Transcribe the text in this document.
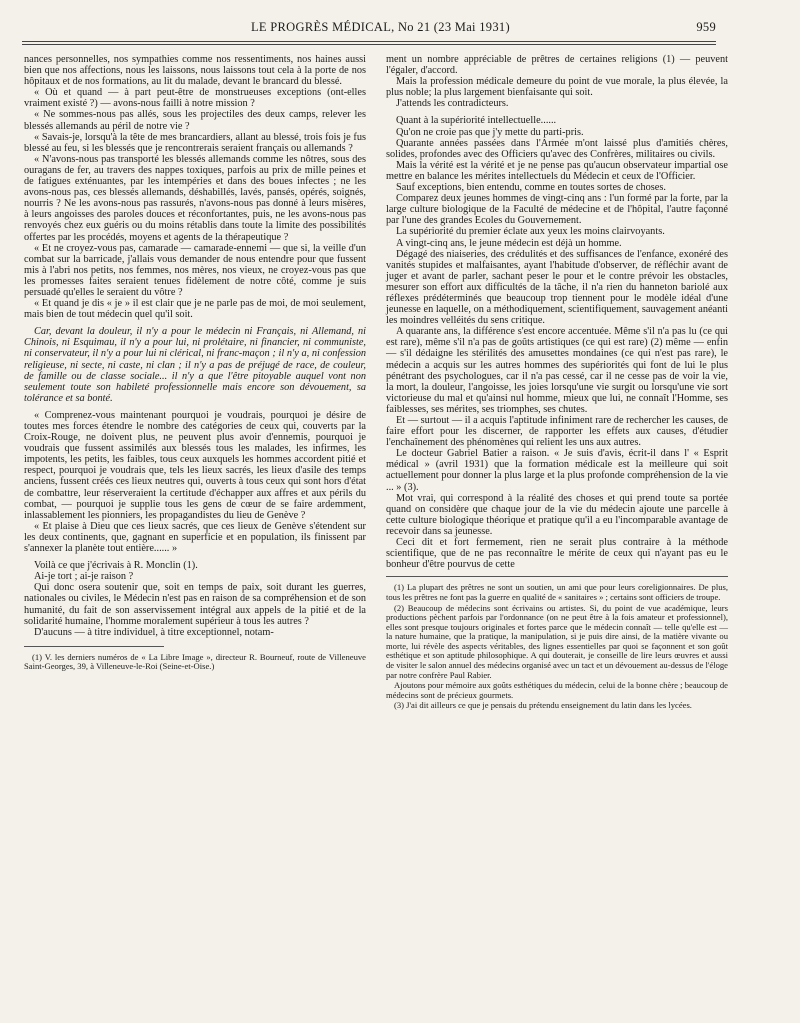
LE PROGRÈS MÉDICAL, No 21 (23 Mai 1931)	959

nances personnelles, nos sympathies comme nos ressentiments, nos haines aussi bien que nos affections, nous les laissons, nous laissons tout cela à la porte de nos hôpitaux et de nos formations, au lit du malade, devant le brancard du blessé.

« Où et quand — à part peut-être de monstrueuses exceptions (ont-elles vraiment existé ?) — avons-nous failli à notre mission ?

« Ne sommes-nous pas allés, sous les projectiles des deux camps, relever les blessés allemands au péril de notre vie ?

« Savais-je, lorsqu'à la tête de mes brancardiers, allant au blessé, trois fois je fus blessé au feu, si les blessés que je rencontrerais seraient français ou allemands ?

« N'avons-nous pas transporté les blessés allemands comme les nôtres, sous des ouragans de fer, au travers des nappes toxiques, parfois au prix de mille peines et de fatigues exténuantes, par les intempéries et dans des boues infectes ; ne les avons-nous pas, ces blessés allemands, déshabillés, lavés, pansés, opérés, soignés, nourris ? Ne les avons-nous pas rassurés, n'avons-nous pas donné à leurs misères, à leurs angoisses des paroles douces et réconfortantes, puis, ne les avons-nous pas renvoyés chez eux guéris ou du moins rétablis dans toute la limite des possibilités offertes par les procédés, moyens et agents de la thérapeutique ?

« Et ne croyez-vous pas, camarade — camarade-ennemi — que si, la veille d'un combat sur la barricade, j'allais vous demander de nous entendre pour que fussent mis à l'abri nos petits, nos femmes, nos mères, nos vieux, ne croyez-vous pas que les promesses faites seraient tenues fidèlement de notre côté, comme je suis persuadé qu'elles le seraient du vôtre ?

« Et quand je dis « je » il est clair que je ne parle pas de moi, de moi seulement, mais bien de tout médecin quel qu'il soit.

Car, devant la douleur, il n'y a pour le médecin ni Français, ni Allemand, ni Chinois, ni Esquimau, il n'y a pour lui, ni prolétaire, ni financier, ni communiste, ni conservateur, il n'y a pour lui ni clérical, ni franc-maçon ; il n'y a, ni confession religieuse, ni secte, ni caste, ni clan ; il n'y a pas de préjugé de race, de couleur, de famille ou de classe sociale... il n'y a que l'être pitoyable auquel vont non seulement toute son habileté professionnelle mais encore son dévouement, sa tolérance et sa bonté.

« Comprenez-vous maintenant pourquoi je voudrais, pourquoi je désire de toutes mes forces étendre le nombre des catégories de ceux qui, couverts par la Croix-Rouge, ne doivent plus, ne peuvent plus avoir d'ennemis, pourquoi je voudrais que fussent assimilés aux blessés tous les malades, les infirmes, les impotents, les petits, les faibles, tous ceux auxquels les hommes accordent pitié et respect, pourquoi je voudrais que, tels les lieux sacrés, les lieux d'asile des temps anciens, fussent créés ces lieux neutres qui, ouverts à tous ceux qui sont hors d'état de combattre, leur réserveraient la certitude d'échapper aux affres et aux périls du combat, — pourquoi je supplie tous les gens de cœur de se faire ardemment, inlassablement les pionniers, les propagandistes du lieu de Genève ?

« Et plaise à Dieu que ces lieux sacrés, que ces lieux de Genève s'étendent sur les deux continents, que, gagnant en superficie et en population, ils finissent par s'annexer la planète tout entière...... »

Voilà ce que j'écrivais à R. Monclin (1).

Ai-je tort ; ai-je raison ?

Qui donc osera soutenir que, soit en temps de paix, soit durant les guerres, nationales ou civiles, le Médecin n'est pas en raison de sa compréhension et de son humanité, du fait de son asservissement intégral aux appels de la pitié et de la solidarité humaine, l'homme moralement supérieur à tous les autres ?

D'aucuns — à titre individuel, à titre exceptionnel, notam-

(1) V. les derniers numéros de « La Libre Image », directeur R. Bourneuf, route de Villeneuve Saint-Georges, 39, à Villeneuve-le-Roi (Seine-et-Oise.)

ment un nombre appréciable de prêtres de certaines religions (1) — peuvent l'égaler, d'accord.

Mais la profession médicale demeure du point de vue morale, la plus élevée, la plus noble; la plus largement bienfaisante qui soit.

J'attends les contradicteurs.

Quant à la supériorité intellectuelle......

Qu'on ne croie pas que j'y mette du parti-pris.

Quarante années passées dans l'Armée m'ont laissé plus d'amitiés chères, solides, profondes avec des Officiers qu'avec des Confrères, militaires ou civils.

Mais la vérité est la vérité et je ne pense pas qu'aucun observateur impartial ose mettre en balance les mérites intellectuels du Médecin et ceux de l'Officier.

Sauf exceptions, bien entendu, comme en toutes sortes de choses.

Comparez deux jeunes hommes de vingt-cinq ans : l'un formé par la forte, par la large culture biologique de la Faculté de médecine et de l'hôpital, l'autre façonné par l'une des grandes Ecoles du Gouvernement.

La supériorité du premier éclate aux yeux les moins clairvoyants.

A vingt-cinq ans, le jeune médecin est déjà un homme.

Dégagé des niaiseries, des crédulités et des suffisances de l'enfance, exonéré des vanités stupides et malfaisantes, ayant l'habitude d'observer, de réfléchir avant de juger et avant de parler, sachant peser le pour et le contre prévoir les obstacles, mesurer son effort aux difficultés de la tâche, il n'a rien du hanneton bariolé aux réflexes prédéterminés que beaucoup trop tiennent pour le modèle idéal d'une jeunesse en laquelle, on a méthodiquement, scientifiquement, sauvagement anéanti les moindres velléités du sens critique.

A quarante ans, la différence s'est encore accentuée. Même s'il n'a pas lu (ce qui est rare), même s'il n'a pas de goûts artistiques (ce qui est rare) (2) même — enfin — s'il dédaigne les stérilités des amusettes mondaines (ce qui n'est pas rare), le médecin a acquis sur les autres hommes des supériorités qui font de lui le plus pénétrant des psychologues, car il n'a pas cessé, car il ne cesse pas de voir la vie, la mort, la douleur, l'angoisse, les joies lorsqu'une vie surgit ou lorsqu'une vie sort victorieuse du mal et qu'ainsi nul homme, mieux que lui, ne connaît l'Homme, ses faiblesses, ses mérites, ses triomphes, ses chutes.

Et — surtout — il a acquis l'aptitude infiniment rare de rechercher les causes, de faire effort pour les discerner, de rapporter les effets aux causes, d'étudier l'enchaînement des phénomènes qui relient les uns aux autres.

Le docteur Gabriel Batier a raison. « Je suis d'avis, écrit-il dans l' « Esprit médical » (avril 1931) que la formation médicale est la meilleure qui soit actuellement pour donner la plus large et la plus profonde compréhension de la vie ... » (3).

Mot vrai, qui correspond à la réalité des choses et qui prend toute sa portée quand on considère que chaque jour de la vie du médecin ajoute une parcelle à cette culture biologique théorique et pratique qu'il a eu l'incomparable avantage de recevoir dans sa jeunesse.

Ceci dit et fort fermement, rien ne serait plus contraire à la méthode scientifique, que de ne pas reconnaître le mérite de ceux qui n'ayant pas eu le bonheur d'être pourvus de cette

(1) La plupart des prêtres ne sont un soutien, un ami que pour leurs coreligionnaires. De plus, tous les prêtres ne font pas la guerre en qualité de « sanitaires » ; certains sont officiers de troupe.

(2) Beaucoup de médecins sont écrivains ou artistes. Si, du point de vue académique, leurs productions pèchent parfois par l'ordonnance (on ne peut être à la fois amateur et professionnel), elles sont presque toujours originales et fortes parce que le médecin connaît — telle qu'elle est — la nature humaine, que la pratique, la manipulation, si je puis dire ainsi, de la matière vivante ou morte, lui révèle des aspects véritables, des lignes essentielles par quoi se façonnent et son goût esthétique et son aptitude philosophique. A qui douterait, je conseille de lire leurs œuvres et aussi de visiter le salon annuel des médecins organisé avec un tact et un dévouement au-dessus de l'éloge par notre confrère Paul Rabier.

Ajoutons pour mémoire aux goûts esthétiques du médecin, celui de la bonne chère ; beaucoup de médecins sont de précieux gourmets.

(3) J'ai dit ailleurs ce que je pensais du prétendu enseignement du latin dans les lycées.
